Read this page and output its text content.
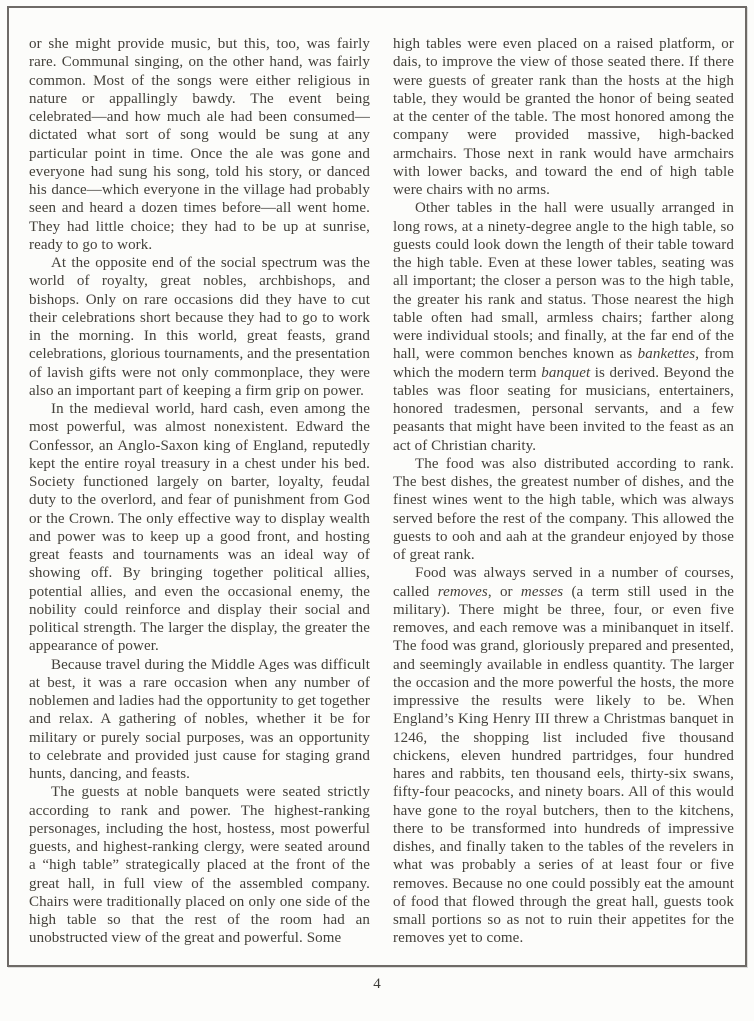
or she might provide music, but this, too, was fairly rare. Communal singing, on the other hand, was fairly common. Most of the songs were either religious in nature or appallingly bawdy. The event being celebrated—and how much ale had been consumed—dictated what sort of song would be sung at any particular point in time. Once the ale was gone and everyone had sung his song, told his story, or danced his dance—which everyone in the village had probably seen and heard a dozen times before—all went home. They had little choice; they had to be up at sunrise, ready to go to work.

At the opposite end of the social spectrum was the world of royalty, great nobles, archbishops, and bishops. Only on rare occasions did they have to cut their celebrations short because they had to go to work in the morning. In this world, great feasts, grand celebrations, glorious tournaments, and the presentation of lavish gifts were not only commonplace, they were also an important part of keeping a firm grip on power.

In the medieval world, hard cash, even among the most powerful, was almost nonexistent. Edward the Confessor, an Anglo-Saxon king of England, reputedly kept the entire royal treasury in a chest under his bed. Society functioned largely on barter, loyalty, feudal duty to the overlord, and fear of punishment from God or the Crown. The only effective way to display wealth and power was to keep up a good front, and hosting great feasts and tournaments was an ideal way of showing off. By bringing together political allies, potential allies, and even the occasional enemy, the nobility could reinforce and display their social and political strength. The larger the display, the greater the appearance of power.

Because travel during the Middle Ages was difficult at best, it was a rare occasion when any number of noblemen and ladies had the opportunity to get together and relax. A gathering of nobles, whether it be for military or purely social purposes, was an opportunity to celebrate and provided just cause for staging grand hunts, dancing, and feasts.

The guests at noble banquets were seated strictly according to rank and power. The highest-ranking personages, including the host, hostess, most powerful guests, and highest-ranking clergy, were seated around a “high table” strategically placed at the front of the great hall, in full view of the assembled company. Chairs were traditionally placed on only one side of the high table so that the rest of the room had an unobstructed view of the great and powerful. Some

high tables were even placed on a raised platform, or dais, to improve the view of those seated there. If there were guests of greater rank than the hosts at the high table, they would be granted the honor of being seated at the center of the table. The most honored among the company were provided massive, high-backed armchairs. Those next in rank would have armchairs with lower backs, and toward the end of high table were chairs with no arms.

Other tables in the hall were usually arranged in long rows, at a ninety-degree angle to the high table, so guests could look down the length of their table toward the high table. Even at these lower tables, seating was all important; the closer a person was to the high table, the greater his rank and status. Those nearest the high table often had small, armless chairs; farther along were individual stools; and finally, at the far end of the hall, were common benches known as bankettes, from which the modern term banquet is derived. Beyond the tables was floor seating for musicians, entertainers, honored tradesmen, personal servants, and a few peasants that might have been invited to the feast as an act of Christian charity.

The food was also distributed according to rank. The best dishes, the greatest number of dishes, and the finest wines went to the high table, which was always served before the rest of the company. This allowed the guests to ooh and aah at the grandeur enjoyed by those of great rank.

Food was always served in a number of courses, called removes, or messes (a term still used in the military). There might be three, four, or even five removes, and each remove was a minibanquet in itself. The food was grand, gloriously prepared and presented, and seemingly available in endless quantity. The larger the occasion and the more powerful the hosts, the more impressive the results were likely to be. When England’s King Henry III threw a Christmas banquet in 1246, the shopping list included five thousand chickens, eleven hundred partridges, four hundred hares and rabbits, ten thousand eels, thirty-six swans, fifty-four peacocks, and ninety boars. All of this would have gone to the royal butchers, then to the kitchens, there to be transformed into hundreds of impressive dishes, and finally taken to the tables of the revelers in what was probably a series of at least four or five removes. Because no one could possibly eat the amount of food that flowed through the great hall, guests took small portions so as not to ruin their appetites for the removes yet to come.

4
